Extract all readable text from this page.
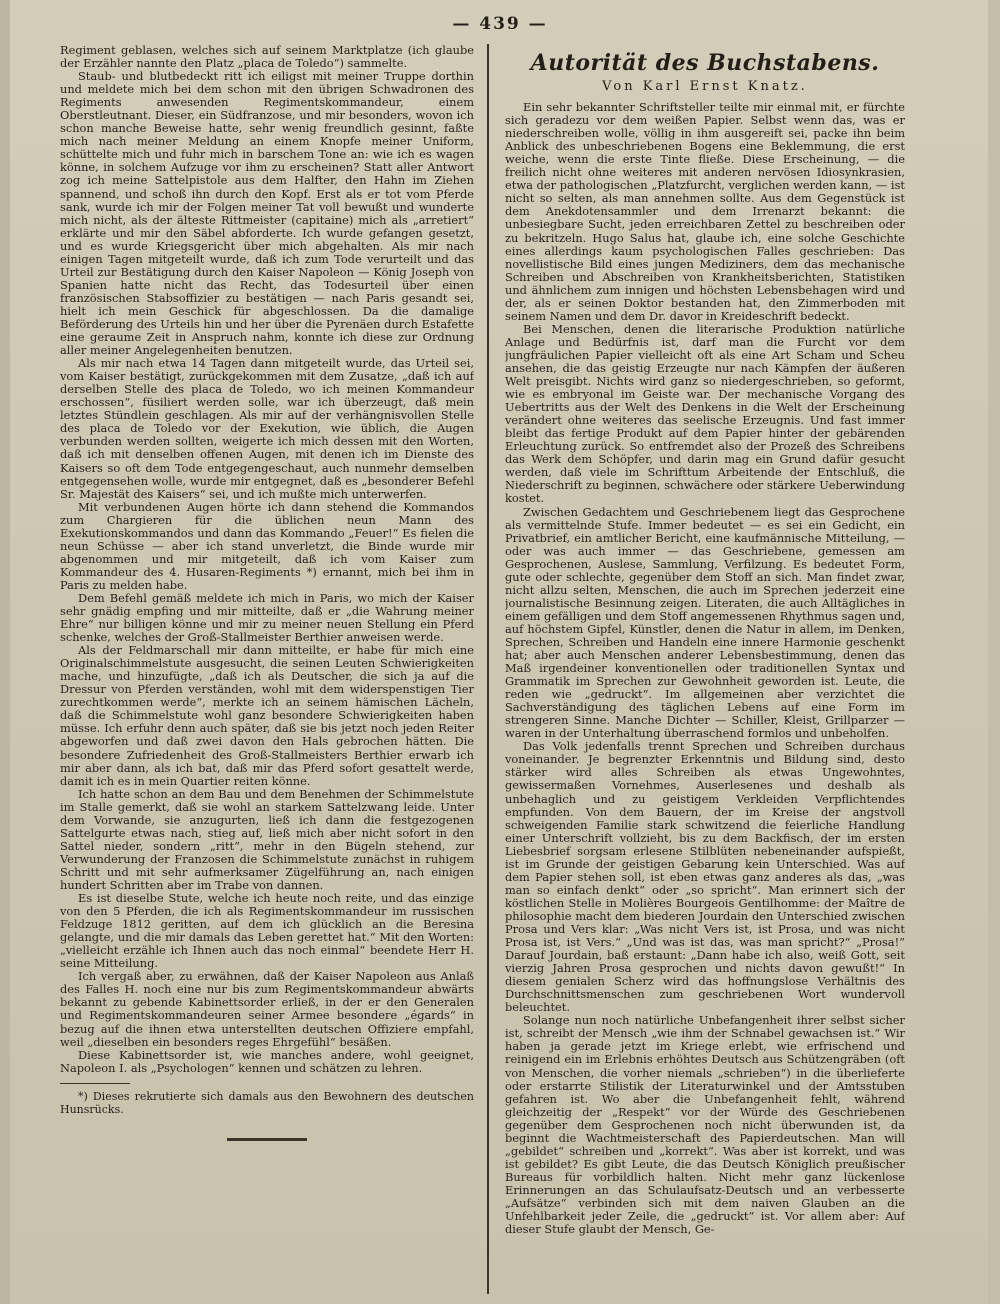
— 439 —

Regiment geblasen, welches sich auf seinem Marktplatze (ich glaube der Erzähler nannte den Platz „placa de Toledo“) sammelte.

Staub- und blutbedeckt ritt ich eiligst mit meiner Truppe dorthin und meldete mich bei dem schon mit den übrigen Schwadronen des Regiments anwesenden Regimentskommandeur, einem Oberstleutnant. Dieser, ein Südfranzose, und mir besonders, wovon ich schon manche Beweise hatte, sehr wenig freundlich gesinnt, faßte mich nach meiner Meldung an einem Knopfe meiner Uniform, schüttelte mich und fuhr mich in barschem Tone an: wie ich es wagen könne, in solchem Aufzuge vor ihm zu erscheinen? Statt aller Antwort zog ich meine Sattelpistole aus dem Halfter, den Hahn im Ziehen spannend, und schoß ihn durch den Kopf. Erst als er tot vom Pferde sank, wurde ich mir der Folgen meiner Tat voll bewußt und wunderte mich nicht, als der älteste Rittmeister (capitaine) mich als „arretiert“ erklärte und mir den Säbel abforderte. Ich wurde gefangen gesetzt, und es wurde Kriegsgericht über mich abgehalten. Als mir nach einigen Tagen mitgeteilt wurde, daß ich zum Tode verurteilt und das Urteil zur Bestätigung durch den Kaiser Napoleon — König Joseph von Spanien hatte nicht das Recht, das Todesurteil über einen französischen Stabsoffizier zu bestätigen — nach Paris gesandt sei, hielt ich mein Geschick für abgeschlossen. Da die damalige Beförderung des Urteils hin und her über die Pyrenäen durch Estafette eine geraume Zeit in Anspruch nahm, konnte ich diese zur Ordnung aller meiner Angelegenheiten benutzen.

Als mir nach etwa 14 Tagen dann mitgeteilt wurde, das Urteil sei, vom Kaiser bestätigt, zurückgekommen mit dem Zusatze, „daß ich auf derselben Stelle des placa de Toledo, wo ich meinen Kommandeur erschossen“, füsiliert werden solle, war ich überzeugt, daß mein letztes Stündlein geschlagen. Als mir auf der verhängnisvollen Stelle des placa de Toledo vor der Exekution, wie üblich, die Augen verbunden werden sollten, weigerte ich mich dessen mit den Worten, daß ich mit denselben offenen Augen, mit denen ich im Dienste des Kaisers so oft dem Tode entgegengeschaut, auch nunmehr demselben entgegensehen wolle, wurde mir entgegnet, daß es „besonderer Befehl Sr. Majestät des Kaisers“ sei, und ich mußte mich unterwerfen.

Mit verbundenen Augen hörte ich dann stehend die Kommandos zum Chargieren für die üblichen neun Mann des Exekutionskommandos und dann das Kommando „Feuer!“ Es fielen die neun Schüsse — aber ich stand unverletzt, die Binde wurde mir abgenommen und mir mitgeteilt, daß ich vom Kaiser zum Kommandeur des 4. Husaren-Regiments *) ernannt, mich bei ihm in Paris zu melden habe.

Dem Befehl gemäß meldete ich mich in Paris, wo mich der Kaiser sehr gnädig empfing und mir mitteilte, daß er „die Wahrung meiner Ehre“ nur billigen könne und mir zu meiner neuen Stellung ein Pferd schenke, welches der Groß-Stallmeister Berthier anweisen werde.

Als der Feldmarschall mir dann mitteilte, er habe für mich eine Originalschimmelstute ausgesucht, die seinen Leuten Schwierigkeiten mache, und hinzufügte, „daß ich als Deutscher, die sich ja auf die Dressur von Pferden verständen, wohl mit dem widerspenstigen Tier zurechtkommen werde“, merkte ich an seinem hämischen Lächeln, daß die Schimmelstute wohl ganz besondere Schwierigkeiten haben müsse. Ich erfuhr denn auch später, daß sie bis jetzt noch jeden Reiter abgeworfen und daß zwei davon den Hals gebrochen hätten. Die besondere Zufriedenheit des Groß-Stallmeisters Berthier erwarb ich mir aber dann, als ich bat, daß mir das Pferd sofort gesattelt werde, damit ich es in mein Quartier reiten könne.

Ich hatte schon an dem Bau und dem Benehmen der Schimmelstute im Stalle gemerkt, daß sie wohl an starkem Sattelzwang leide. Unter dem Vorwande, sie anzugurten, ließ ich dann die festgezogenen Sattelgurte etwas nach, stieg auf, ließ mich aber nicht sofort in den Sattel nieder, sondern „ritt“, mehr in den Bügeln stehend, zur Verwunderung der Franzosen die Schimmelstute zunächst in ruhigem Schritt und mit sehr aufmerksamer Zügelführung an, nach einigen hundert Schritten aber im Trabe von dannen.

Es ist dieselbe Stute, welche ich heute noch reite, und das einzige von den 5 Pferden, die ich als Regimentskommandeur im russischen Feldzuge 1812 geritten, auf dem ich glücklich an die Beresina gelangte, und die mir damals das Leben gerettet hat.“ Mit den Worten: „vielleicht erzähle ich Ihnen auch das noch einmal“ beendete Herr H. seine Mitteilung.

Ich vergaß aber, zu erwähnen, daß der Kaiser Napoleon aus Anlaß des Falles H. noch eine nur bis zum Regimentskommandeur abwärts bekannt zu gebende Kabinettsorder erließ, in der er den Generalen und Regimentskommandeuren seiner Armee besondere „égards“ in bezug auf die ihnen etwa unterstellten deutschen Offiziere empfahl, weil „dieselben ein besonders reges Ehrgefühl“ besäßen.

Diese Kabinettsorder ist, wie manches andere, wohl geeignet, Napoleon I. als „Psychologen“ kennen und schätzen zu lehren.

*) Dieses rekrutierte sich damals aus den Bewohnern des deutschen Hunsrücks.

Autorität des Buchstabens.
Von Karl Ernst Knatz.

Ein sehr bekannter Schriftsteller teilte mir einmal mit, er fürchte sich geradezu vor dem weißen Papier. Selbst wenn das, was er niederschreiben wolle, völlig in ihm ausgereift sei, packe ihn beim Anblick des unbeschriebenen Bogens eine Beklemmung, die erst weiche, wenn die erste Tinte fließe. Diese Erscheinung, — die freilich nicht ohne weiteres mit anderen nervösen Idiosynkrasien, etwa der pathologischen „Platzfurcht, verglichen werden kann, — ist nicht so selten, als man annehmen sollte. Aus dem Gegenstück ist dem Anekdotensammler und dem Irrenarzt bekannt: die unbesiegbare Sucht, jeden erreichbaren Zettel zu beschreiben oder zu bekritzeln. Hugo Salus hat, glaube ich, eine solche Geschichte eines allerdings kaum psychologischen Falles geschrieben: Das novellistische Bild eines jungen Mediziners, dem das mechanische Schreiben und Abschreiben von Krankheitsberichten, Statistiken und ähnlichem zum innigen und höchsten Lebensbehagen wird und der, als er seinen Doktor bestanden hat, den Zimmerboden mit seinem Namen und dem Dr. davor in Kreideschrift bedeckt.

Bei Menschen, denen die literarische Produktion natürliche Anlage und Bedürfnis ist, darf man die Furcht vor dem jungfräulichen Papier vielleicht oft als eine Art Scham und Scheu ansehen, die das geistig Erzeugte nur nach Kämpfen der äußeren Welt preisgibt. Nichts wird ganz so niedergeschrieben, so geformt, wie es embryonal im Geiste war. Der mechanische Vorgang des Uebertritts aus der Welt des Denkens in die Welt der Erscheinung verändert ohne weiteres das seelische Erzeugnis. Und fast immer bleibt das fertige Produkt auf dem Papier hinter der gebärenden Erleuchtung zurück. So entfremdet also der Prozeß des Schreibens das Werk dem Schöpfer, und darin mag ein Grund dafür gesucht werden, daß viele im Schrifttum Arbeitende der Entschluß, die Niederschrift zu beginnen, schwächere oder stärkere Ueberwindung kostet.

Zwischen Gedachtem und Geschriebenem liegt das Gesprochene als vermittelnde Stufe. Immer bedeutet — es sei ein Gedicht, ein Privatbrief, ein amtlicher Bericht, eine kaufmännische Mitteilung, — oder was auch immer — das Geschriebene, gemessen am Gesprochenen, Auslese, Sammlung, Verfilzung. Es bedeutet Form, gute oder schlechte, gegenüber dem Stoff an sich. Man findet zwar, nicht allzu selten, Menschen, die auch im Sprechen jederzeit eine journalistische Besinnung zeigen. Literaten, die auch Alltägliches in einem gefälligen und dem Stoff angemessenen Rhythmus sagen und, auf höchstem Gipfel, Künstler, denen die Natur in allem, im Denken, Sprechen, Schreiben und Handeln eine innere Harmonie geschenkt hat; aber auch Menschen anderer Lebensbestimmung, denen das Maß irgendeiner konventionellen oder traditionellen Syntax und Grammatik im Sprechen zur Gewohnheit geworden ist. Leute, die reden wie „gedruckt“. Im allgemeinen aber verzichtet die Sachverständigung des täglichen Lebens auf eine Form im strengeren Sinne. Manche Dichter — Schiller, Kleist, Grillparzer — waren in der Unterhaltung überraschend formlos und unbeholfen.

Das Volk jedenfalls trennt Sprechen und Schreiben durchaus voneinander. Je begrenzter Erkenntnis und Bildung sind, desto stärker wird alles Schreiben als etwas Ungewohntes, gewissermaßen Vornehmes, Auserlesenes und deshalb als unbehaglich und zu geistigem Verkleiden Verpflichtendes empfunden. Von dem Bauern, der im Kreise der angstvoll schweigenden Familie stark schwitzend die feierliche Handlung einer Unterschrift vollzieht, bis zu dem Backfisch, der im ersten Liebesbrief sorgsam erlesene Stilblüten nebeneinander aufspießt, ist im Grunde der geistigen Gebarung kein Unterschied. Was auf dem Papier stehen soll, ist eben etwas ganz anderes als das, „was man so einfach denkt“ oder „so spricht“. Man erinnert sich der köstlichen Stelle in Molières Bourgeois Gentilhomme: der Maître de philosophie macht dem biederen Jourdain den Unterschied zwischen Prosa und Vers klar: „Was nicht Vers ist, ist Prosa, und was nicht Prosa ist, ist Vers.“ „Und was ist das, was man spricht?“ „Prosa!“ Darauf Jourdain, baß erstaunt: „Dann habe ich also, weiß Gott, seit vierzig Jahren Prosa gesprochen und nichts davon gewußt!“ In diesem genialen Scherz wird das hoffnungslose Verhältnis des Durchschnittsmenschen zum geschriebenen Wort wundervoll beleuchtet.

Solange nun noch natürliche Unbefangenheit ihrer selbst sicher ist, schreibt der Mensch „wie ihm der Schnabel gewachsen ist.“ Wir haben ja gerade jetzt im Kriege erlebt, wie erfrischend und reinigend ein im Erlebnis erhöhtes Deutsch aus Schützengräben (oft von Menschen, die vorher niemals „schrieben“) in die überlieferte oder erstarrte Stilistik der Literaturwinkel und der Amtsstuben gefahren ist. Wo aber die Unbefangenheit fehlt, während gleichzeitig der „Respekt“ vor der Würde des Geschriebenen gegenüber dem Gesprochenen noch nicht überwunden ist, da beginnt die Wachtmeisterschaft des Papierdeutschen. Man will „gebildet“ schreiben und „korrekt“. Was aber ist korrekt, und was ist gebildet? Es gibt Leute, die das Deutsch Königlich preußischer Bureaus für vorbildlich halten. Nicht mehr ganz lückenlose Erinnerungen an das Schulaufsatz-Deutsch und an verbesserte „Aufsätze“ verbinden sich mit dem naiven Glauben an die Unfehlbarkeit jeder Zeile, die „gedruckt“ ist. Vor allem aber: Auf dieser Stufe glaubt der Mensch, Ge-
